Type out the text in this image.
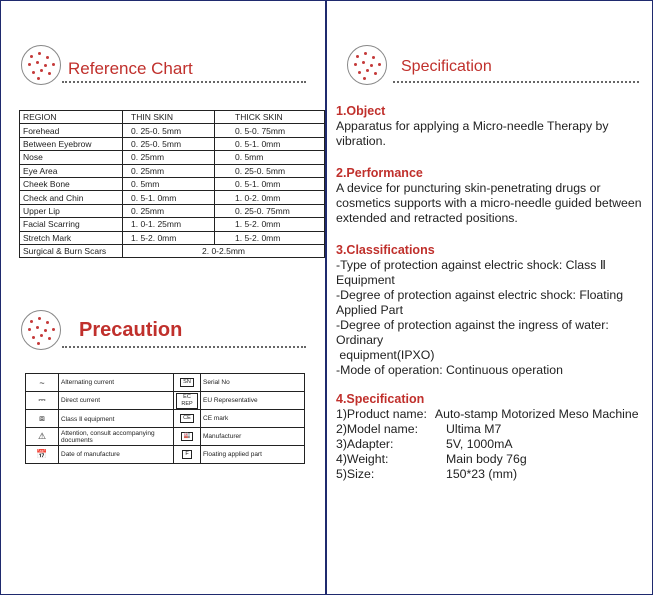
Reference Chart
REGION	THIN SKIN	THICK SKIN
Forehead	0. 25-0. 5mm	0. 5-0. 75mm
Between Eyebrow	0. 25-0. 5mm	0. 5-1. 0mm
Nose	0. 25mm	0. 5mm
Eye Area	0. 25mm	0. 25-0. 5mm
Cheek Bone	0. 5mm	0. 5-1. 0mm
Check and Chin	0. 5-1. 0mm	1. 0-2. 0mm
Upper Lip	0. 25mm	0. 25-0. 75mm
Facial Scarring	1. 0-1. 25mm	1. 5-2. 0mm
Stretch Mark	1. 5-2. 0mm	1. 5-2. 0mm
Surgical & Burn Scars	2. 0-2.5mm	
Precaution
~	Alternating current	SN	Serial No
⎓	Direct current	EC REP	EU Representative
⧈	Class Ⅱ equipment	CE	CE mark
⚠	Attention, consult accompanying documents	🏭	Manufacturer
📅	Date of manufacture	F	Floating applied part
Specification
1.Object
Apparatus for applying a Micro-needle Therapy by vibration.
2.Performance
A device for puncturing skin-penetrating drugs or cosmetics supports with a micro-needle guided between extended and retracted positions.
3.Classifications
-Type of protection against electric shock: Class Ⅱ Equipment
-Degree of protection against electric shock: Floating Applied Part
-Degree of protection against the ingress of water: Ordinary
equipment(IPXO)
-Mode of operation: Continuous operation
4.Specification
1)Product name: Auto-stamp Motorized Meso Machine
2)Model name:	Ultima M7
3)Adapter:	5V, 1000mA
4)Weight:	Main body 76g
5)Size:	150*23 (mm)
